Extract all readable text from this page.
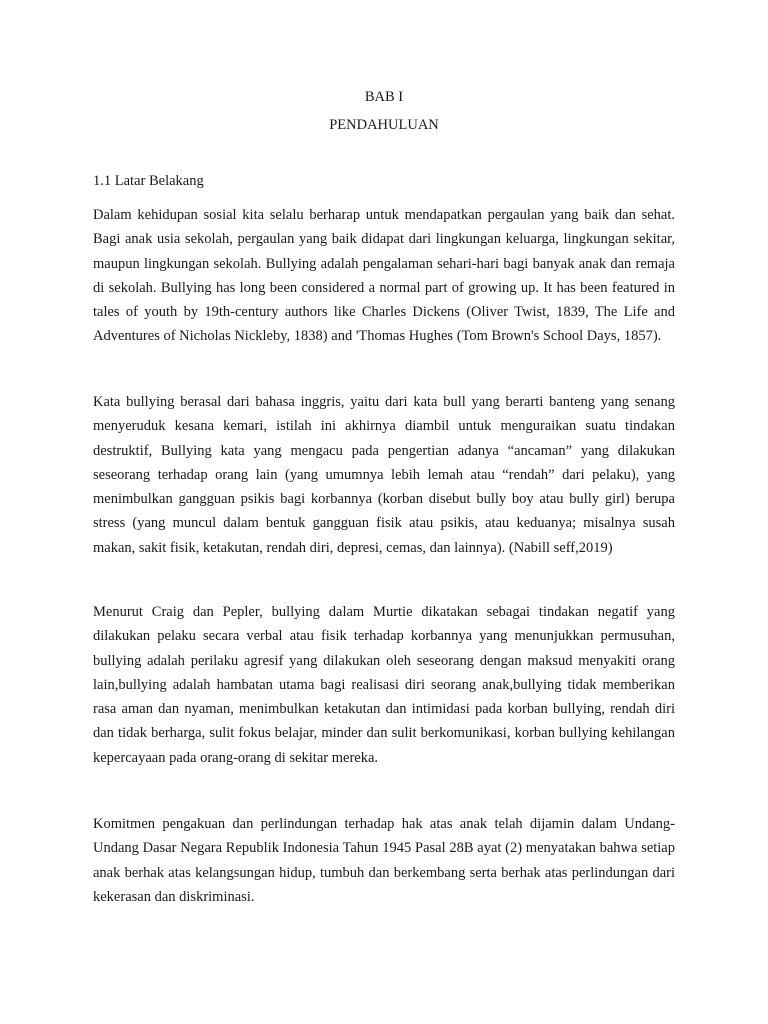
BAB I
PENDAHULUAN
1.1 Latar Belakang

Dalam kehidupan sosial kita selalu berharap untuk mendapatkan pergaulan yang baik dan sehat. Bagi anak usia sekolah, pergaulan yang baik didapat dari lingkungan keluarga, lingkungan sekitar, maupun lingkungan sekolah. Bullying adalah pengalaman sehari-hari bagi banyak anak dan remaja di sekolah. Bullying has long been considered a normal part of growing up. It has been featured in tales of youth by 19th-century authors like Charles Dickens (Oliver Twist, 1839, The Life and Adventures of Nicholas Nickleby, 1838) and 'Thomas Hughes (Tom Brown's School Days, 1857).

Kata bullying berasal dari bahasa inggris, yaitu dari kata bull yang berarti banteng yang senang menyeruduk kesana kemari, istilah ini akhirnya diambil untuk menguraikan suatu tindakan destruktif, Bullying kata yang mengacu pada pengertian adanya “ancaman” yang dilakukan seseorang terhadap orang lain (yang umumnya lebih lemah atau “rendah” dari pelaku), yang menimbulkan gangguan psikis bagi korbannya (korban disebut bully boy atau bully girl) berupa stress (yang muncul dalam bentuk gangguan fisik atau psikis, atau keduanya; misalnya susah makan, sakit fisik, ketakutan, rendah diri, depresi, cemas, dan lainnya). (Nabill seff,2019)

Menurut Craig dan Pepler, bullying dalam Murtie dikatakan sebagai tindakan negatif yang dilakukan pelaku secara verbal atau fisik terhadap korbannya yang menunjukkan permusuhan, bullying adalah perilaku agresif yang dilakukan oleh seseorang dengan maksud menyakiti orang lain,bullying adalah hambatan utama bagi realisasi diri seorang anak,bullying tidak memberikan rasa aman dan nyaman, menimbulkan ketakutan dan intimidasi pada korban bullying, rendah diri dan tidak berharga, sulit fokus belajar, minder dan sulit berkomunikasi, korban bullying kehilangan kepercayaan pada orang-orang di sekitar mereka.

Komitmen pengakuan dan perlindungan terhadap hak atas anak telah dijamin dalam Undang-Undang Dasar Negara Republik Indonesia Tahun 1945 Pasal 28B ayat (2) menyatakan bahwa setiap anak berhak atas kelangsungan hidup, tumbuh dan berkembang serta berhak atas perlindungan dari kekerasan dan diskriminasi.
